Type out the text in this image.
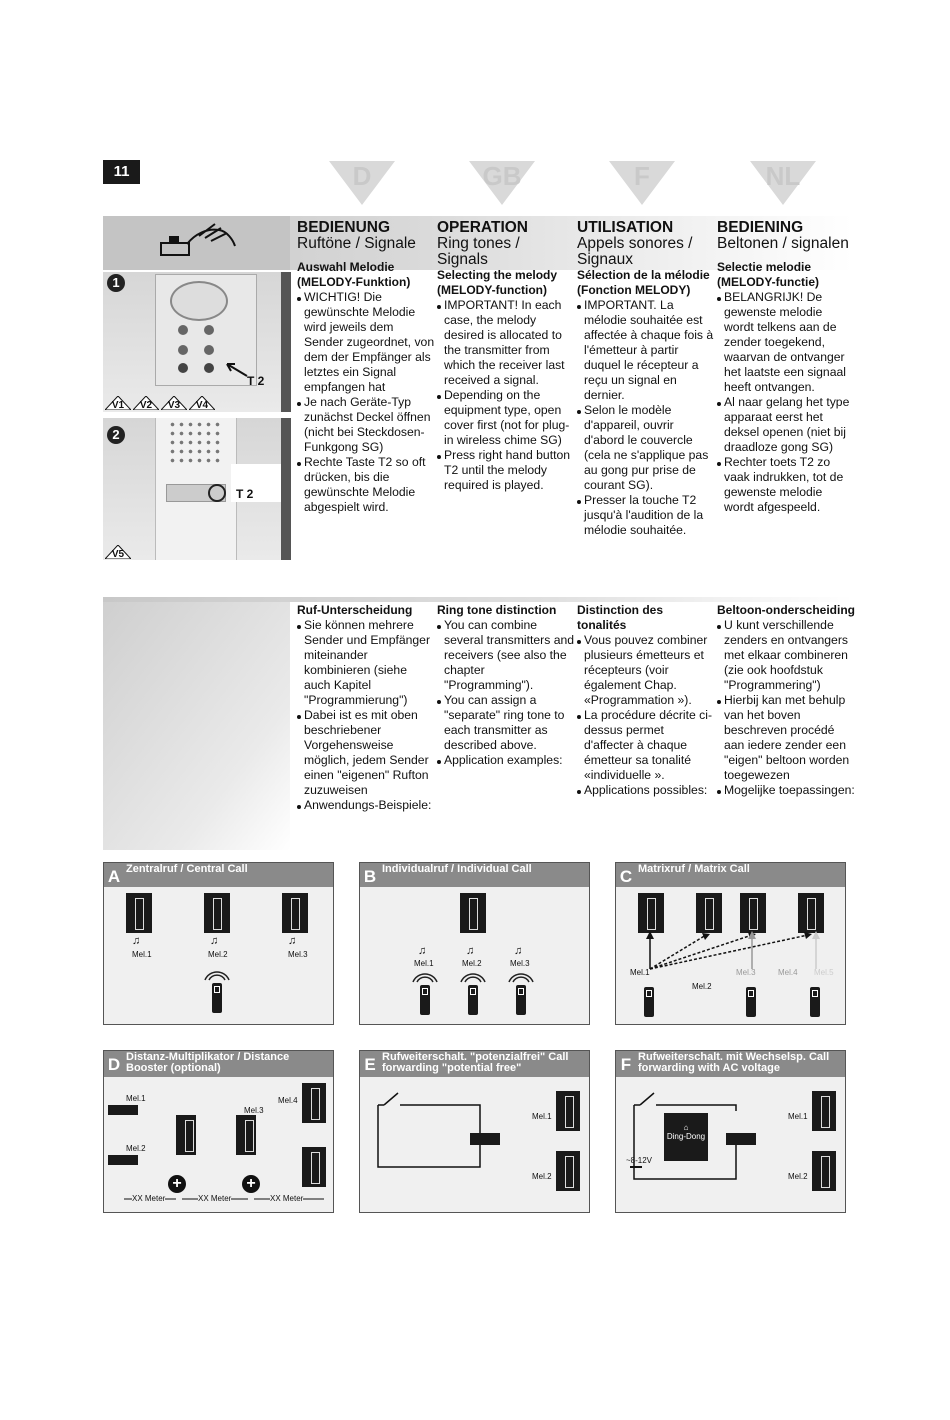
11	D	GB	F	NL
BEDIENUNG
Ruftöne / Signale
Auswahl Melodie (MELODY-Funktion)
WICHTIG! Die gewünschte Melodie wird jeweils dem Sender zugeordnet, von dem der Empfänger als letztes ein Signal empfangen hat
Je nach Geräte-Typ zunächst Deckel öffnen (nicht bei Steckdosen-Funkgong SG)
Rechte Taste T2 so oft drücken, bis die gewünschte Melodie abgespielt wird.
OPERATION
Ring tones / Signals
Selecting the melody (MELODY-function)
IMPORTANT! In each case, the melody desired is allocated to the transmitter from which the receiver last received a signal.
Depending on the equipment type, open cover first (not for plug-in wireless chime SG)
Press right hand button T2 until the melody required is played.
UTILISATION
Appels sonores / Signaux
Sélection de la mélodie (Fonction MELODY)
IMPORTANT. La mélodie souhaitée est affectée à chaque fois à l'émetteur à partir duquel le récepteur a reçu un signal en dernier.
Selon le modèle d'appareil, ouvrir d'abord le couvercle (cela ne s'applique pas au gong pur prise de courant SG).
Presser la touche T2 jusqu'à l'audition de la mélodie souhaitée.
BEDIENING
Beltonen / signalen
Selectie melodie (MELODY-functie)
BELANGRIJK! De gewenste melodie wordt telkens aan de zender toegekend, waarvan de ontvanger het laatste een signaal heeft ontvangen.
Al naar gelang het type apparaat eerst het deksel openen (niet bij draadloze gong SG)
Rechter toets T2 zo vaak indrukken, tot de gewenste melodie wordt afgespeeld.
1
T 2
V1	V2	V3	V4
2
T 2
V5
Ruf-Unterscheidung
Sie können mehrere Sender und Empfänger miteinander kombinieren (siehe auch Kapitel "Programmierung")
Dabei ist es mit oben beschriebener Vorgehensweise möglich, jedem Sender einen "eigenen" Rufton zuzuweisen
Anwendungs-Beispiele:
Ring tone distinction
You can combine several transmitters and receivers (see also the chapter "Programming").
You can assign a "separate" ring tone to each transmitter as described above.
Application examples:
Distinction des tonalités
Vous pouvez combiner plusieurs émetteurs et récepteurs (voir également Chap. «Programmation »).
La procédure décrite ci-dessus permet d'affecter à chaque émetteur sa tonalité «individuelle ».
Applications possibles:
Beltoon-onderscheiding
U kunt verschillende zenders en ontvangers met elkaar combineren (zie ook hoofdstuk "Programmering")
Hierbij kan met behulp van het boven beschreven procédé aan iedere zender een "eigen" beltoon worden toegewezen
Mogelijke toepassingen:
Zentralruf / Central Call
A
♫	♫	♫
Mel.1	Mel.2	Mel.3
Individualruf / Individual Call
B
♫	♫	♫
Mel.1	Mel.2	Mel.3
Matrixruf / Matrix Call
C
Mel.1
Mel.2
Mel.3	Mel.4 Mel.5
Distanz-Multiplikator / Distance Booster (optional)
D
Mel.1
Mel.2
Mel.3
Mel.4
+	+
XX Meter	XX Meter	XX Meter
Rufweiterschalt. "potenzialfrei" Call forwarding "potential free"
E
Mel.1
Mel.2
Rufweiterschalt. mit Wechselsp. Call forwarding with AC voltage
F
⌂
Ding-Dong
~8-12V
Mel.1
Mel.2
